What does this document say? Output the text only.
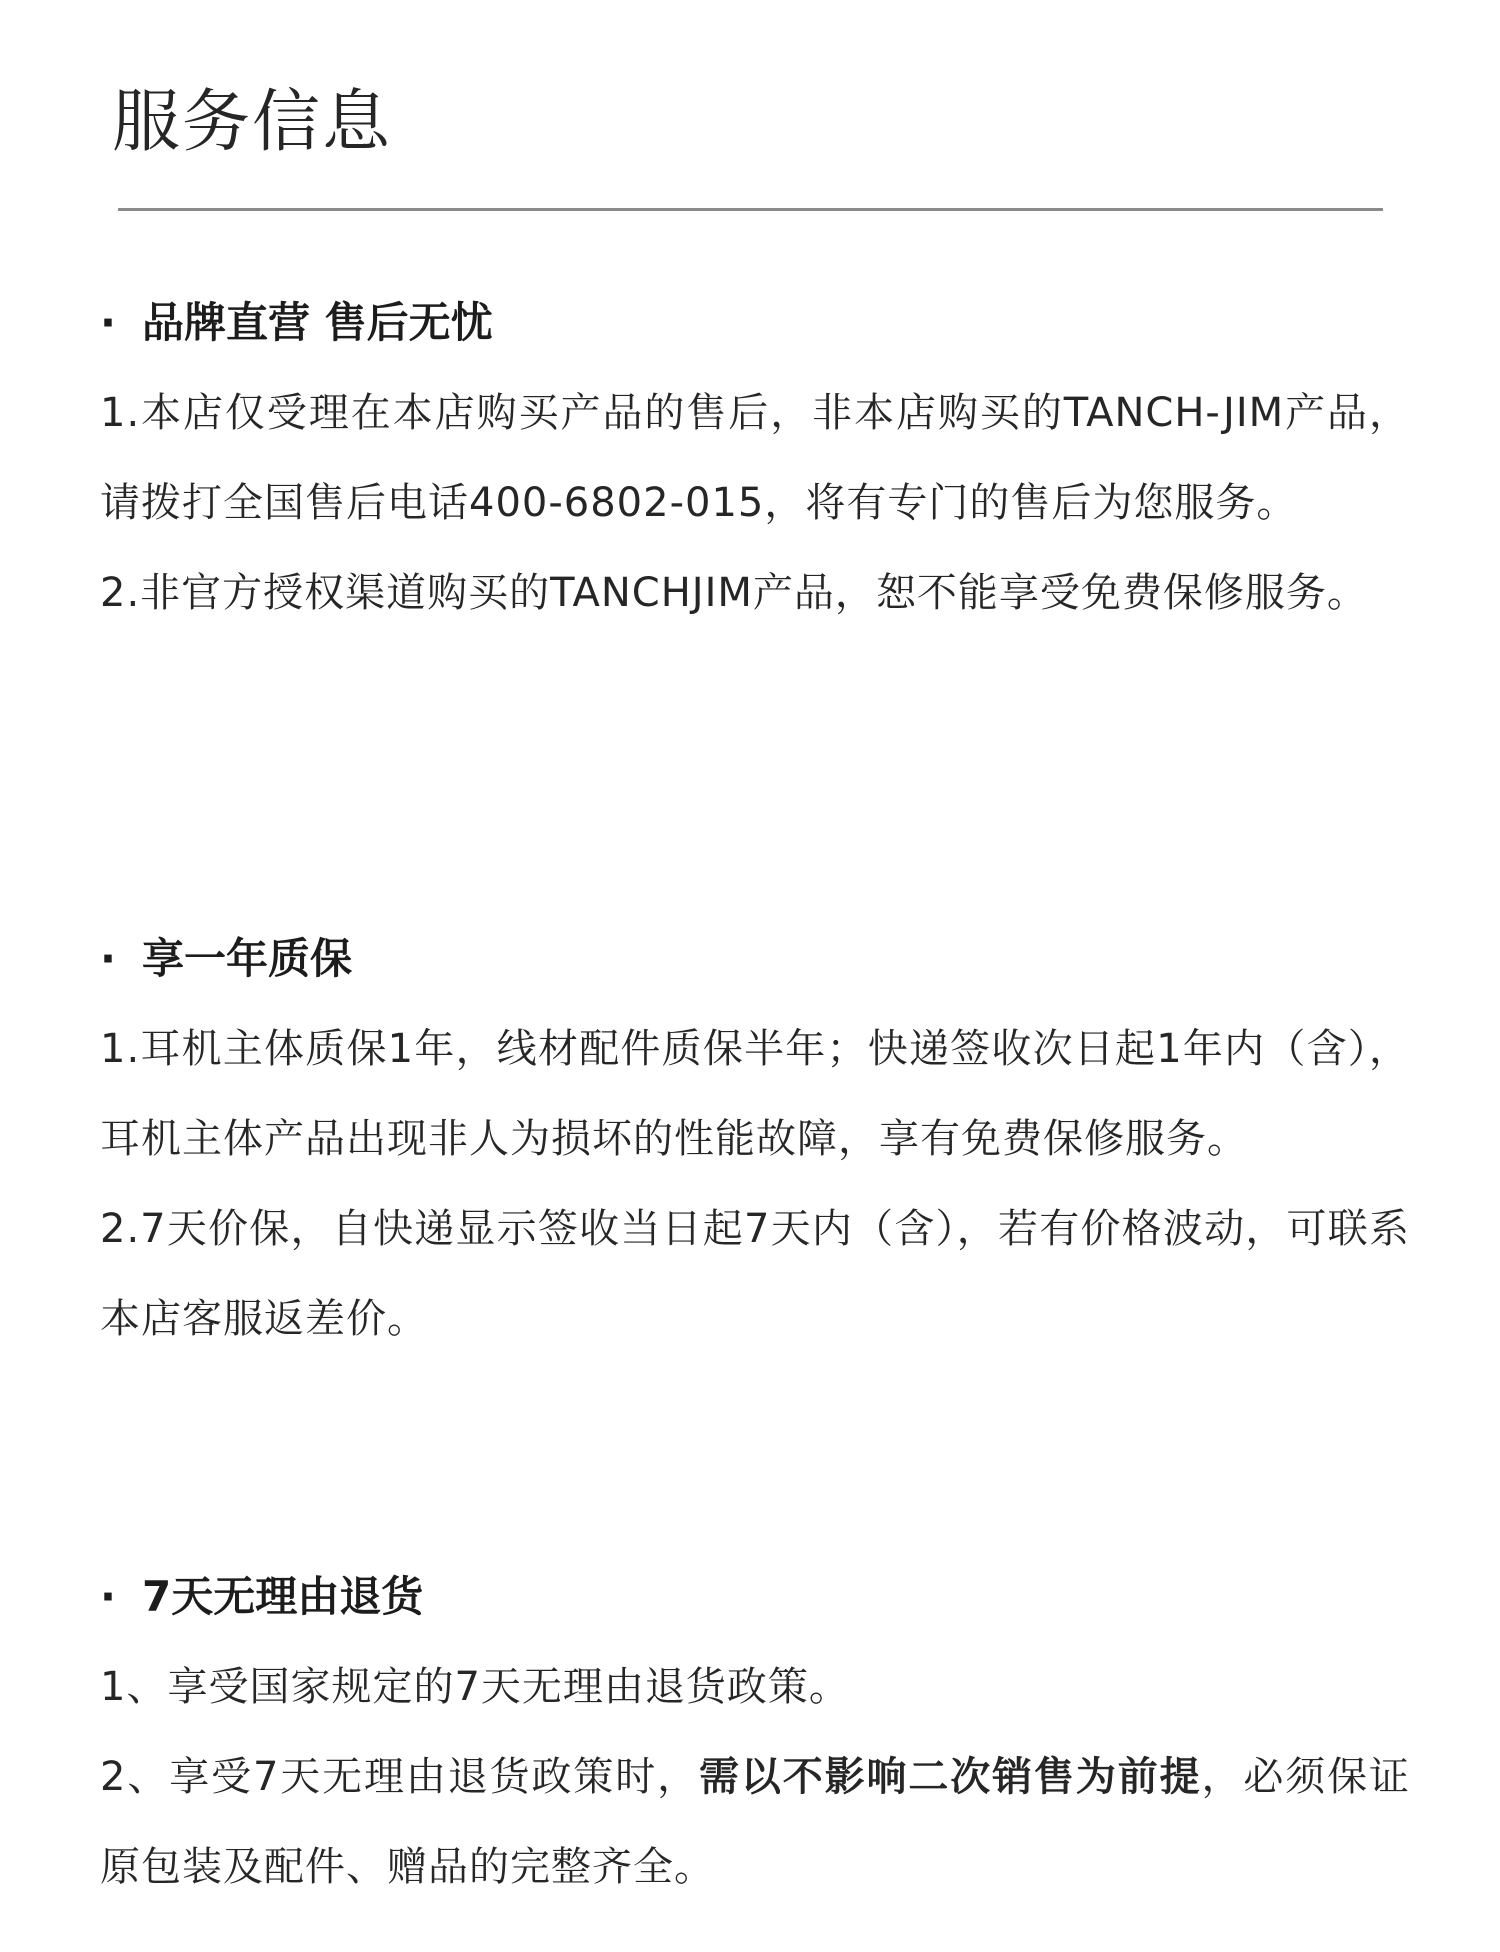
服务信息
· 品牌直营 售后无忧

1.本店仅受理在本店购买产品的售后，非本店购买的TANCH-JIM产品，请拨打全国售后电话400-6802-015，将有专门的售后为您服务。

2.非官方授权渠道购买的TANCHJIM产品，恕不能享受免费保修服务。

· 享一年质保

1.耳机主体质保1年，线材配件质保半年；快递签收次日起1年内（含），耳机主体产品出现非人为损坏的性能故障，享有免费保修服务。

2.7天价保，自快递显示签收当日起7天内（含），若有价格波动，可联系本店客服返差价。

· 7天无理由退货

1、享受国家规定的7天无理由退货政策。

2、享受7天无理由退货政策时，需以不影响二次销售为前提，必须保证原包装及配件、赠品的完整齐全。
